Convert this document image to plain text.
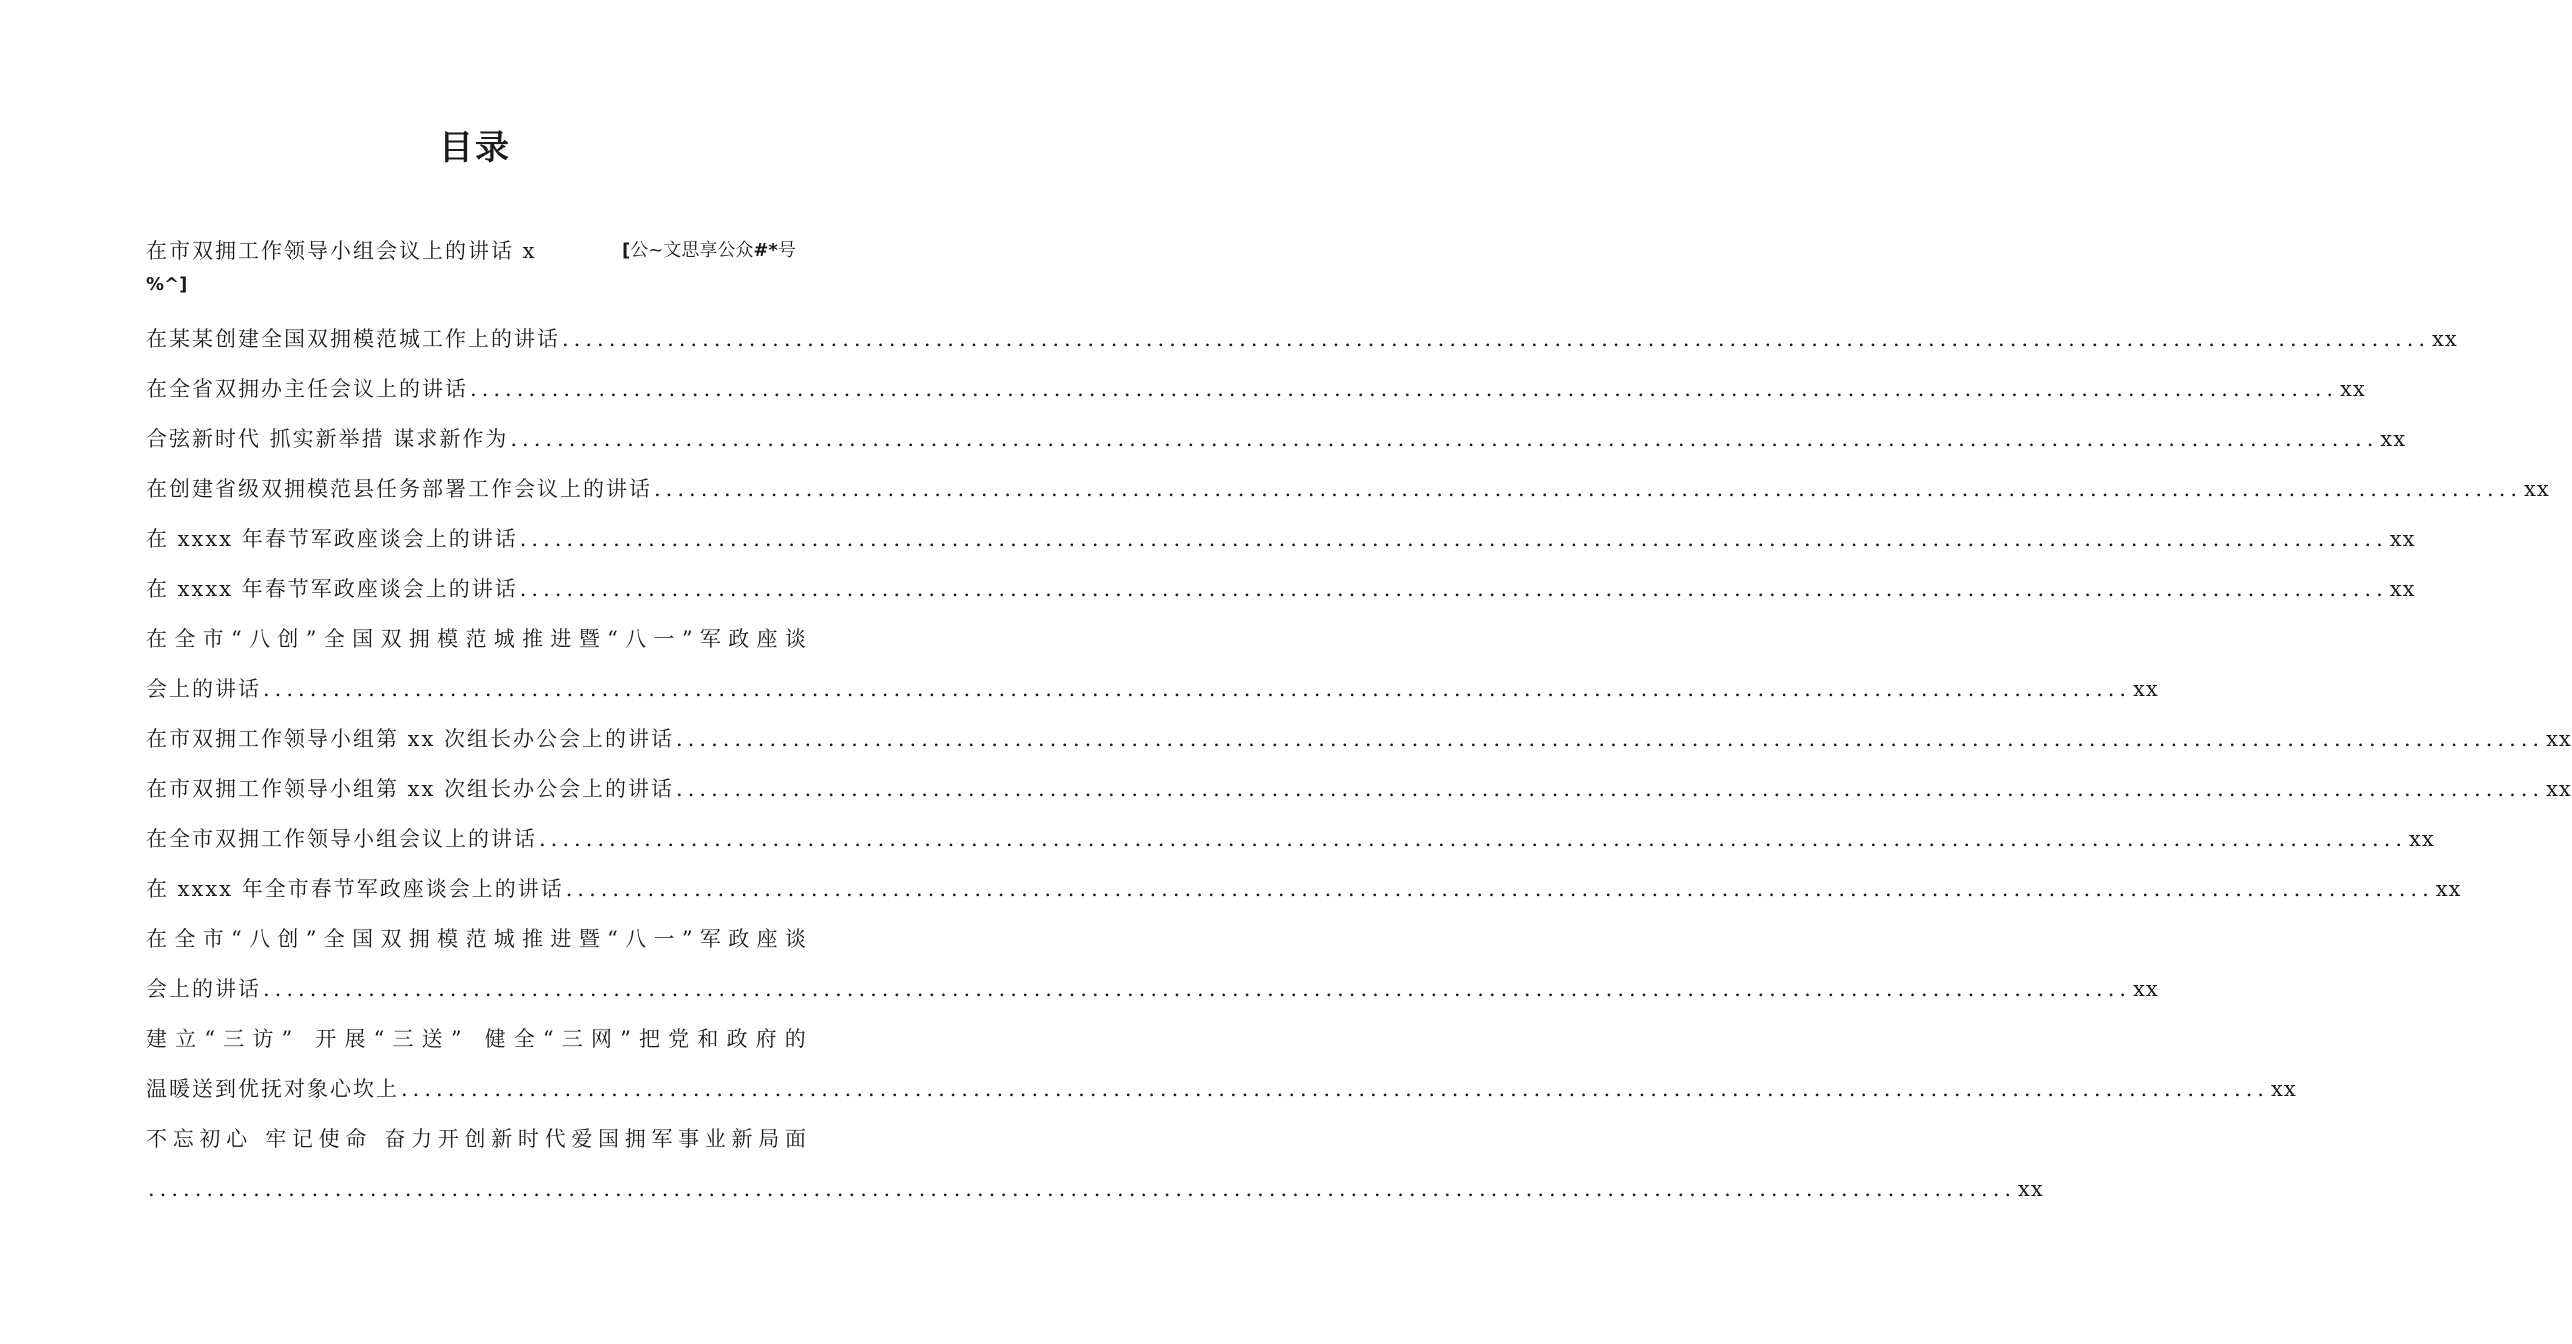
目录
在市双拥工作领导小组会议上的讲话 x	[公~文思享公众#*号
%^]
在某某创建全国双拥模范城工作上的讲话 ................................................................................................................................................................ xx
在全省双拥办主任会议上的讲话 ................................................................................................................................................................ xx
合弦新时代 抓实新举措 谋求新作为 ................................................................................................................................................................ xx
在创建省级双拥模范县任务部署工作会议上的讲话 ................................................................................................................................................................ xx
在 xxxx 年春节军政座谈会上的讲话 ................................................................................................................................................................ xx
在 xxxx 年春节军政座谈会上的讲话 ................................................................................................................................................................ xx
在 全 市 “ 八 创 ” 全 国 双 拥 模 范 城 推 进 暨 “ 八 一 ” 军 政 座 谈
会上的讲话 ................................................................................................................................................................ xx
在市双拥工作领导小组第 xx 次组长办公会上的讲话 ................................................................................................................................................................ xx
在市双拥工作领导小组第 xx 次组长办公会上的讲话 ................................................................................................................................................................ xx
在全市双拥工作领导小组会议上的讲话 ................................................................................................................................................................ xx
在 xxxx 年全市春节军政座谈会上的讲话 ................................................................................................................................................................ xx
在 全 市 “ 八 创 ” 全 国 双 拥 模 范 城 推 进 暨 “ 八 一 ” 军 政 座 谈
会上的讲话 ................................................................................................................................................................ xx
建 立 “ 三 访 ”
开 展 “ 三 送 ”
健 全 “ 三 网 ” 把 党 和 政 府 的
温暖送到优抚对象心坎上 ................................................................................................................................................................ xx
不 忘 初 心
牢 记 使 命
奋 力 开 创 新 时 代 爱 国 拥 军 事 业 新 局 面
................................................................................................................................................................ xx
